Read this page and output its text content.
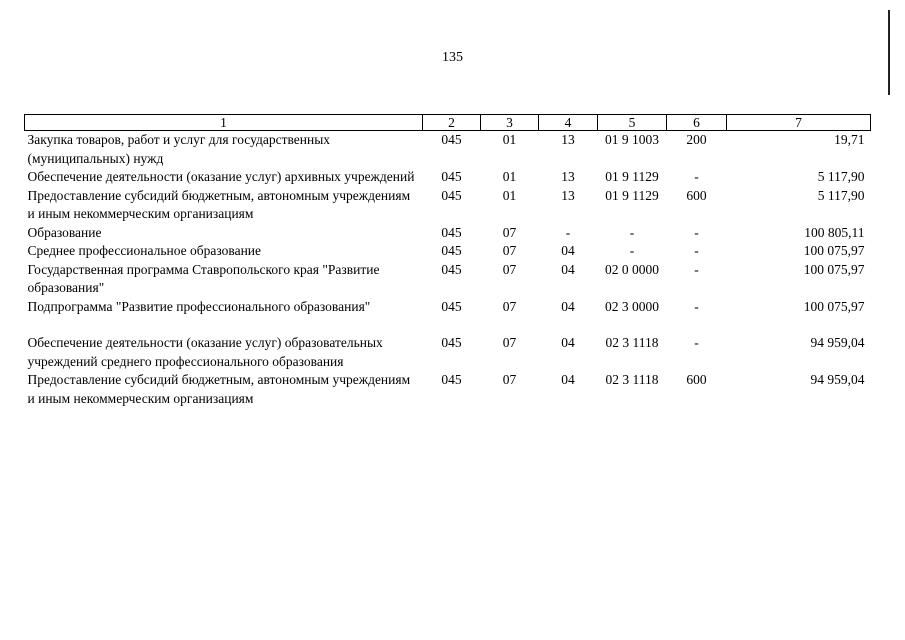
135
1	2	3	4	5	6	7
Закупка товаров, работ и услуг для государственных (муниципальных) нужд	045	01	13	01 9 1003	200	19,71
Обеспечение деятельности (оказание услуг) архивных учреждений	045	01	13	01 9 1129	-	5 117,90
Предоставление субсидий бюджетным, автономным учреждениям и иным некоммерческим организациям	045	01	13	01 9 1129	600	5 117,90
Образование	045	07	-	-	-	100 805,11
Среднее профессиональное образование	045	07	04	-	-	100 075,97
Государственная программа Ставропольского края "Развитие образования"	045	07	04	02 0 0000	-	100 075,97
Подпрограмма "Развитие профессионального образования"	045	07	04	02 3 0000	-	100 075,97

Обеспечение деятельности (оказание услуг) образовательных учреждений среднего профессионального образования	045	07	04	02 3 1118	-	94 959,04
Предоставление субсидий бюджетным, автономным учреждениям и иным некоммерческим организациям	045	07	04	02 3 1118	600	94 959,04
